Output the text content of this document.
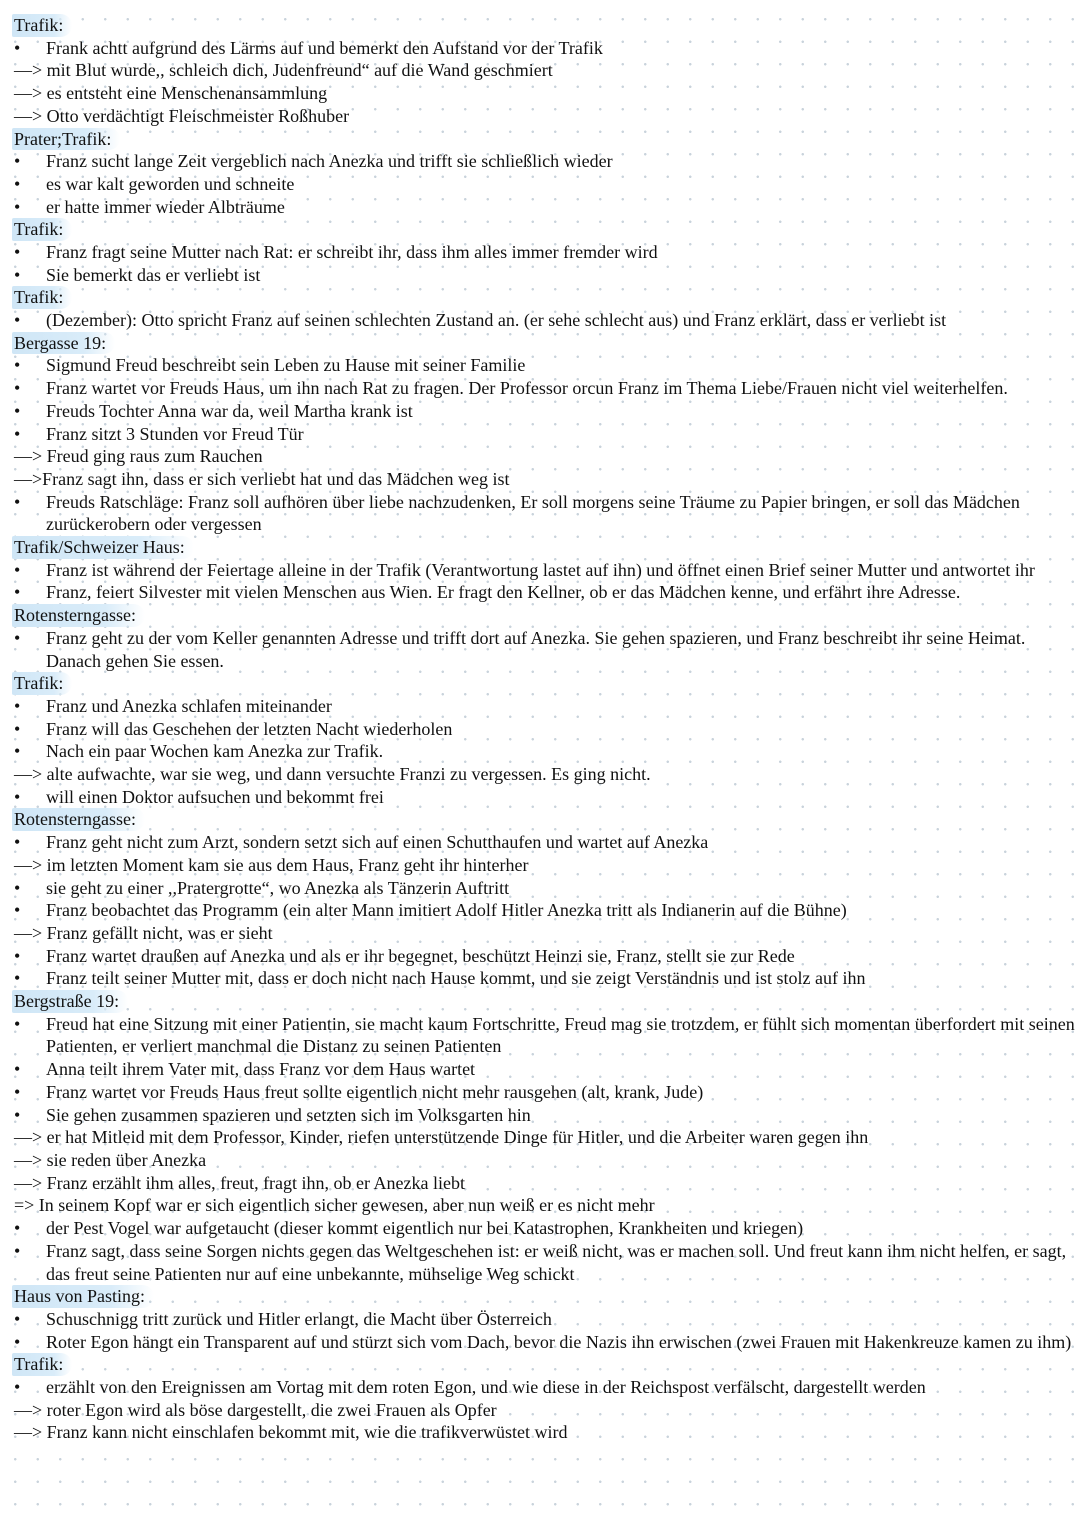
Trafik:
• Frank achtt aufgrund des Lärms auf und bemerkt den Aufstand vor der Trafik
—> mit Blut wurde,, schleich dich, Judenfreund“ auf die Wand geschmiert
—> es entsteht eine Menschenansammlung
—> Otto verdächtigt Fleischmeister Roßhuber
Prater;Trafik:
• Franz sucht lange Zeit vergeblich nach Anezka und trifft sie schließlich wieder
• es war kalt geworden und schneite
• er hatte immer wieder Albträume
Trafik:
• Franz fragt seine Mutter nach Rat: er schreibt ihr, dass ihm alles immer fremder wird
• Sie bemerkt das er verliebt ist
Trafik:
• (Dezember): Otto spricht Franz auf seinen schlechten Zustand an. (er sehe schlecht aus) und Franz erklärt, dass er verliebt ist
Bergasse 19:
• Sigmund Freud beschreibt sein Leben zu Hause mit seiner Familie
• Franz wartet vor Freuds Haus, um ihn nach Rat zu fragen. Der Professor orcun Franz im Thema Liebe/Frauen nicht viel weiterhelfen.
• Freuds Tochter Anna war da, weil Martha krank ist
• Franz sitzt 3 Stunden vor Freud Tür
—> Freud ging raus zum Rauchen
—>Franz sagt ihn, dass er sich verliebt hat und das Mädchen weg ist
• Freuds Ratschläge: Franz soll aufhören über liebe nachzudenken, Er soll morgens seine Träume zu Papier bringen, er soll das Mädchen zurückerobern oder vergessen
Trafik/Schweizer Haus:
• Franz ist während der Feiertage alleine in der Trafik (Verantwortung lastet auf ihn) und öffnet einen Brief seiner Mutter und antwortet ihr
• Franz, feiert Silvester mit vielen Menschen aus Wien. Er fragt den Kellner, ob er das Mädchen kenne, und erfährt ihre Adresse.
Rotensterngasse:
• Franz geht zu der vom Keller genannten Adresse und trifft dort auf Anezka. Sie gehen spazieren, und Franz beschreibt ihr seine Heimat. Danach gehen Sie essen.
Trafik:
• Franz und Anezka schlafen miteinander
• Franz will das Geschehen der letzten Nacht wiederholen
• Nach ein paar Wochen kam Anezka zur Trafik.
—> alte aufwachte, war sie weg, und dann versuchte Franzi zu vergessen. Es ging nicht.
• will einen Doktor aufsuchen und bekommt frei
Rotensterngasse:
• Franz geht nicht zum Arzt, sondern setzt sich auf einen Schutthaufen und wartet auf Anezka
—> im letzten Moment kam sie aus dem Haus, Franz geht ihr hinterher
• sie geht zu einer ,,Pratergrotte“, wo Anezka als Tänzerin Auftritt
• Franz beobachtet das Programm (ein alter Mann imitiert Adolf Hitler Anezka tritt als Indianerin auf die Bühne)
—> Franz gefällt nicht, was er sieht
• Franz wartet draußen auf Anezka und als er ihr begegnet, beschützt Heinzi sie, Franz, stellt sie zur Rede
• Franz teilt seiner Mutter mit, dass er doch nicht nach Hause kommt, und sie zeigt Verständnis und ist stolz auf ihn
Bergstraße 19:
• Freud hat eine Sitzung mit einer Patientin, sie macht kaum Fortschritte, Freud mag sie trotzdem, er fühlt sich momentan überfordert mit seinen Patienten, er verliert manchmal die Distanz zu seinen Patienten
• Anna teilt ihrem Vater mit, dass Franz vor dem Haus wartet
• Franz wartet vor Freuds Haus freut sollte eigentlich nicht mehr rausgehen (alt, krank, Jude)
• Sie gehen zusammen spazieren und setzten sich im Volksgarten hin
—> er hat Mitleid mit dem Professor, Kinder, riefen unterstützende Dinge für Hitler, und die Arbeiter waren gegen ihn
—> sie reden über Anezka
—> Franz erzählt ihm alles, freut, fragt ihn, ob er Anezka liebt
=> In seinem Kopf war er sich eigentlich sicher gewesen, aber nun weiß er es nicht mehr
• der Pest Vogel war aufgetaucht (dieser kommt eigentlich nur bei Katastrophen, Krankheiten und kriegen)
• Franz sagt, dass seine Sorgen nichts gegen das Weltgeschehen ist: er weiß nicht, was er machen soll. Und freut kann ihm nicht helfen, er sagt, das freut seine Patienten nur auf eine unbekannte, mühselige Weg schickt
Haus von Pasting:
• Schuschnigg tritt zurück und Hitler erlangt, die Macht über Österreich
• Roter Egon hängt ein Transparent auf und stürzt sich vom Dach, bevor die Nazis ihn erwischen (zwei Frauen mit Hakenkreuze kamen zu ihm)
Trafik:
• erzählt von den Ereignissen am Vortag mit dem roten Egon, und wie diese in der Reichspost verfälscht, dargestellt werden
—> roter Egon wird als böse dargestellt, die zwei Frauen als Opfer
—> Franz kann nicht einschlafen bekommt mit, wie die trafikverwüstet wird
